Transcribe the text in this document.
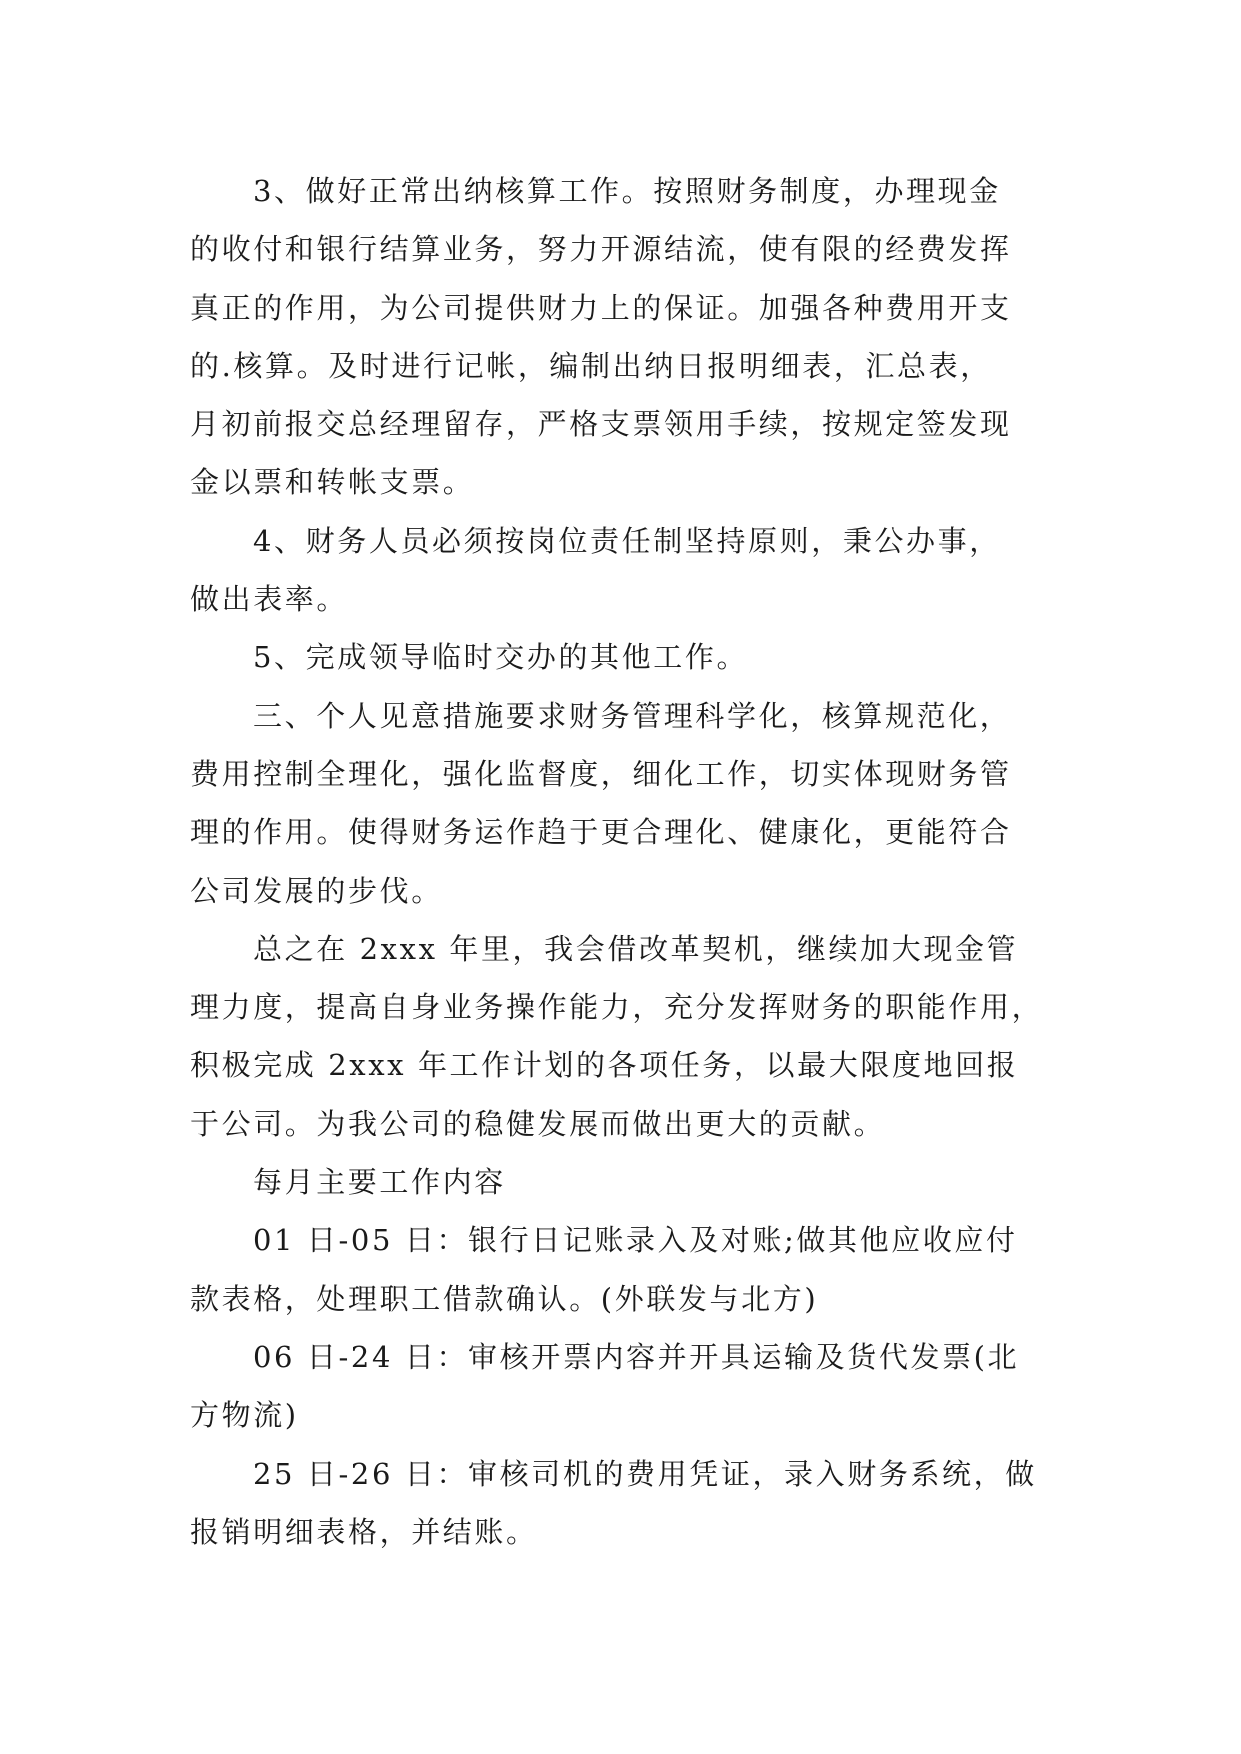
3、做好正常出纳核算工作。按照财务制度，办理现金
的收付和银行结算业务，努力开源结流，使有限的经费发挥
真正的作用，为公司提供财力上的保证。加强各种费用开支
的.核算。及时进行记帐，编制出纳日报明细表，汇总表，
月初前报交总经理留存，严格支票领用手续，按规定签发现
金以票和转帐支票。

4、财务人员必须按岗位责任制坚持原则，秉公办事，
做出表率。

5、完成领导临时交办的其他工作。

三、个人见意措施要求财务管理科学化，核算规范化，
费用控制全理化，强化监督度，细化工作，切实体现财务管
理的作用。使得财务运作趋于更合理化、健康化，更能符合
公司发展的步伐。

总之在 2xxx 年里，我会借改革契机，继续加大现金管
理力度，提高自身业务操作能力，充分发挥财务的职能作用，
积极完成 2xxx 年工作计划的各项任务，以最大限度地回报
于公司。为我公司的稳健发展而做出更大的贡献。

每月主要工作内容

01 日-05 日：银行日记账录入及对账;做其他应收应付
款表格，处理职工借款确认。(外联发与北方)

06 日-24 日：审核开票内容并开具运输及货代发票(北
方物流)

25 日-26 日：审核司机的费用凭证，录入财务系统，做
报销明细表格，并结账。
